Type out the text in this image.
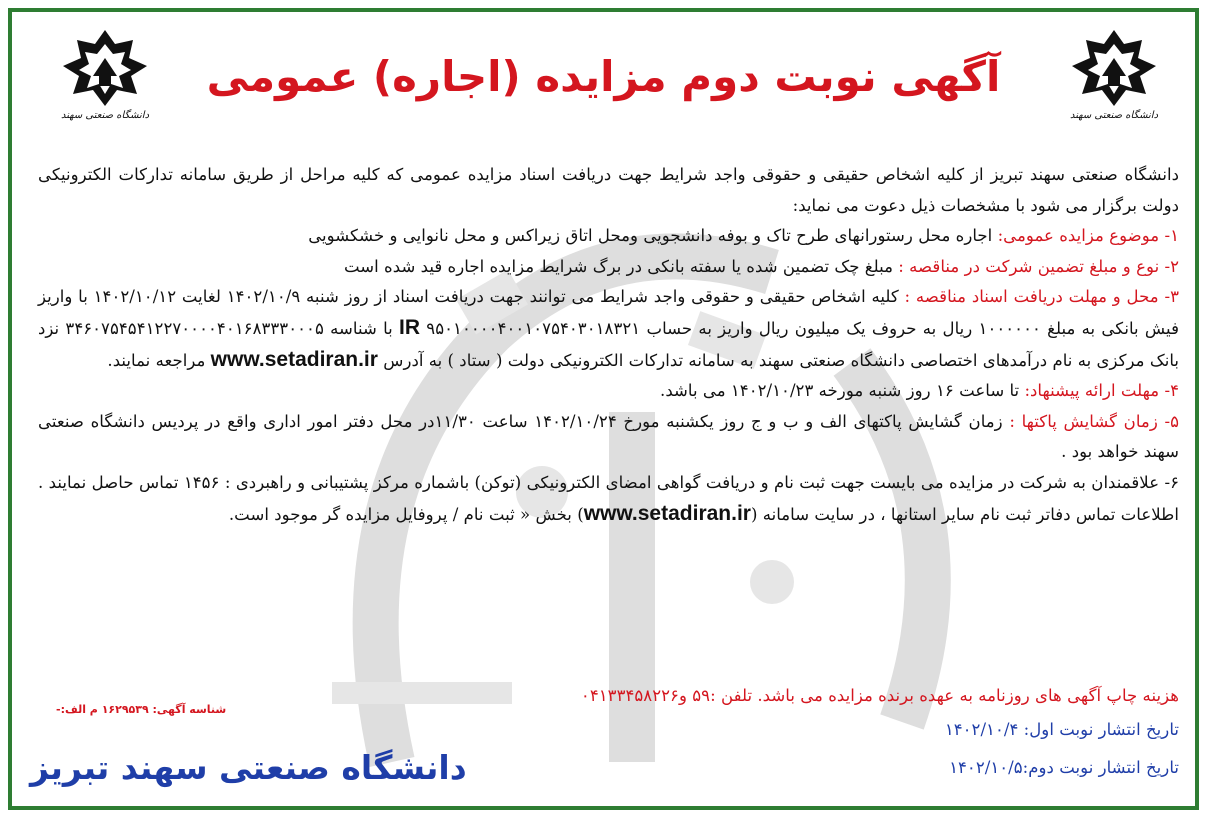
دانشگاه صنعتی سهند
دانشگاه صنعتی سهند
آگهی نوبت دوم مزایده (اجاره) عمومی

دانشگاه صنعتی سهند تبریز از کلیه اشخاص حقیقی و حقوقی واجد شرایط جهت دریافت اسناد مزایده عمومی که کلیه مراحل از طریق سامانه تدارکات الکترونیکی دولت برگزار می شود با مشخصات ذیل دعوت می نماید:

۱- موضوع مزایده عمومی: اجاره محل رستورانهای طرح تاک و بوفه دانشجویی ومحل اتاق زیراکس و محل نانوایی و خشکشویی

۲- نوع و مبلغ تضمین شرکت در مناقصه : مبلغ چک تضمین شده یا سفته بانکی در برگ شرایط مزایده اجاره قید شده است

۳- محل و مهلت دریافت اسناد مناقصه : کلیه اشخاص حقیقی و حقوقی واجد شرایط می توانند جهت دریافت اسناد از روز شنبه ۱۴۰۲/۱۰/۹ لغایت ۱۴۰۲/۱۰/۱۲ با واریز فیش بانکی به مبلغ ۱۰۰۰۰۰۰ ریال به حروف یک میلیون ریال واریز به حساب ۹۵۰۱۰۰۰۰۴۰۰۱۰۷۵۴۰۳۰۱۸۳۲۱ IR با شناسه ۳۴۶۰۷۵۴۵۴۱۲۲۷۰۰۰۰۴۰۱۶۸۳۳۳۰۰۰۵ نزد بانک مرکزی به نام درآمدهای اختصاصی دانشگاه صنعتی سهند به سامانه تدارکات الکترونیکی دولت ( ستاد ) به آدرس www.setadiran.ir مراجعه نمایند.

۴- مهلت ارائه پیشنهاد: تا ساعت ۱۶ روز شنبه مورخه ۱۴۰۲/۱۰/۲۳ می باشد.

۵- زمان گشایش پاکتها : زمان گشایش پاکتهای الف و ب و ج روز یکشنبه مورخ ۱۴۰۲/۱۰/۲۴ ساعت ۱۱/۳۰در محل دفتر امور اداری واقع در پردیس دانشگاه صنعتی سهند خواهد بود .

۶- علاقمندان به شرکت در مزایده می بایست جهت ثبت نام و دریافت گواهی امضای الکترونیکی (توکن) باشماره مرکز پشتیبانی و راهبردی : ۱۴۵۶ تماس حاصل نمایند . اطلاعات تماس دفاتر ثبت نام سایر استانها ، در سایت سامانه (www.setadiran.ir) بخش « ثبت نام / پروفایل مزایده گر موجود است.

هزینه چاپ آگهی های روزنامه به عهده برنده مزایده می باشد. تلفن :۵۹ و۰۴۱۳۳۴۵۸۲۲۶
تاریخ انتشار نوبت اول: ۱۴۰۲/۱۰/۴
تاریخ انتشار نوبت دوم:۱۴۰۲/۱۰/۵
شناسه آگهی: ۱۶۲۹۵۳۹ م الف:-
دانشگاه صنعتی سهند تبریز
